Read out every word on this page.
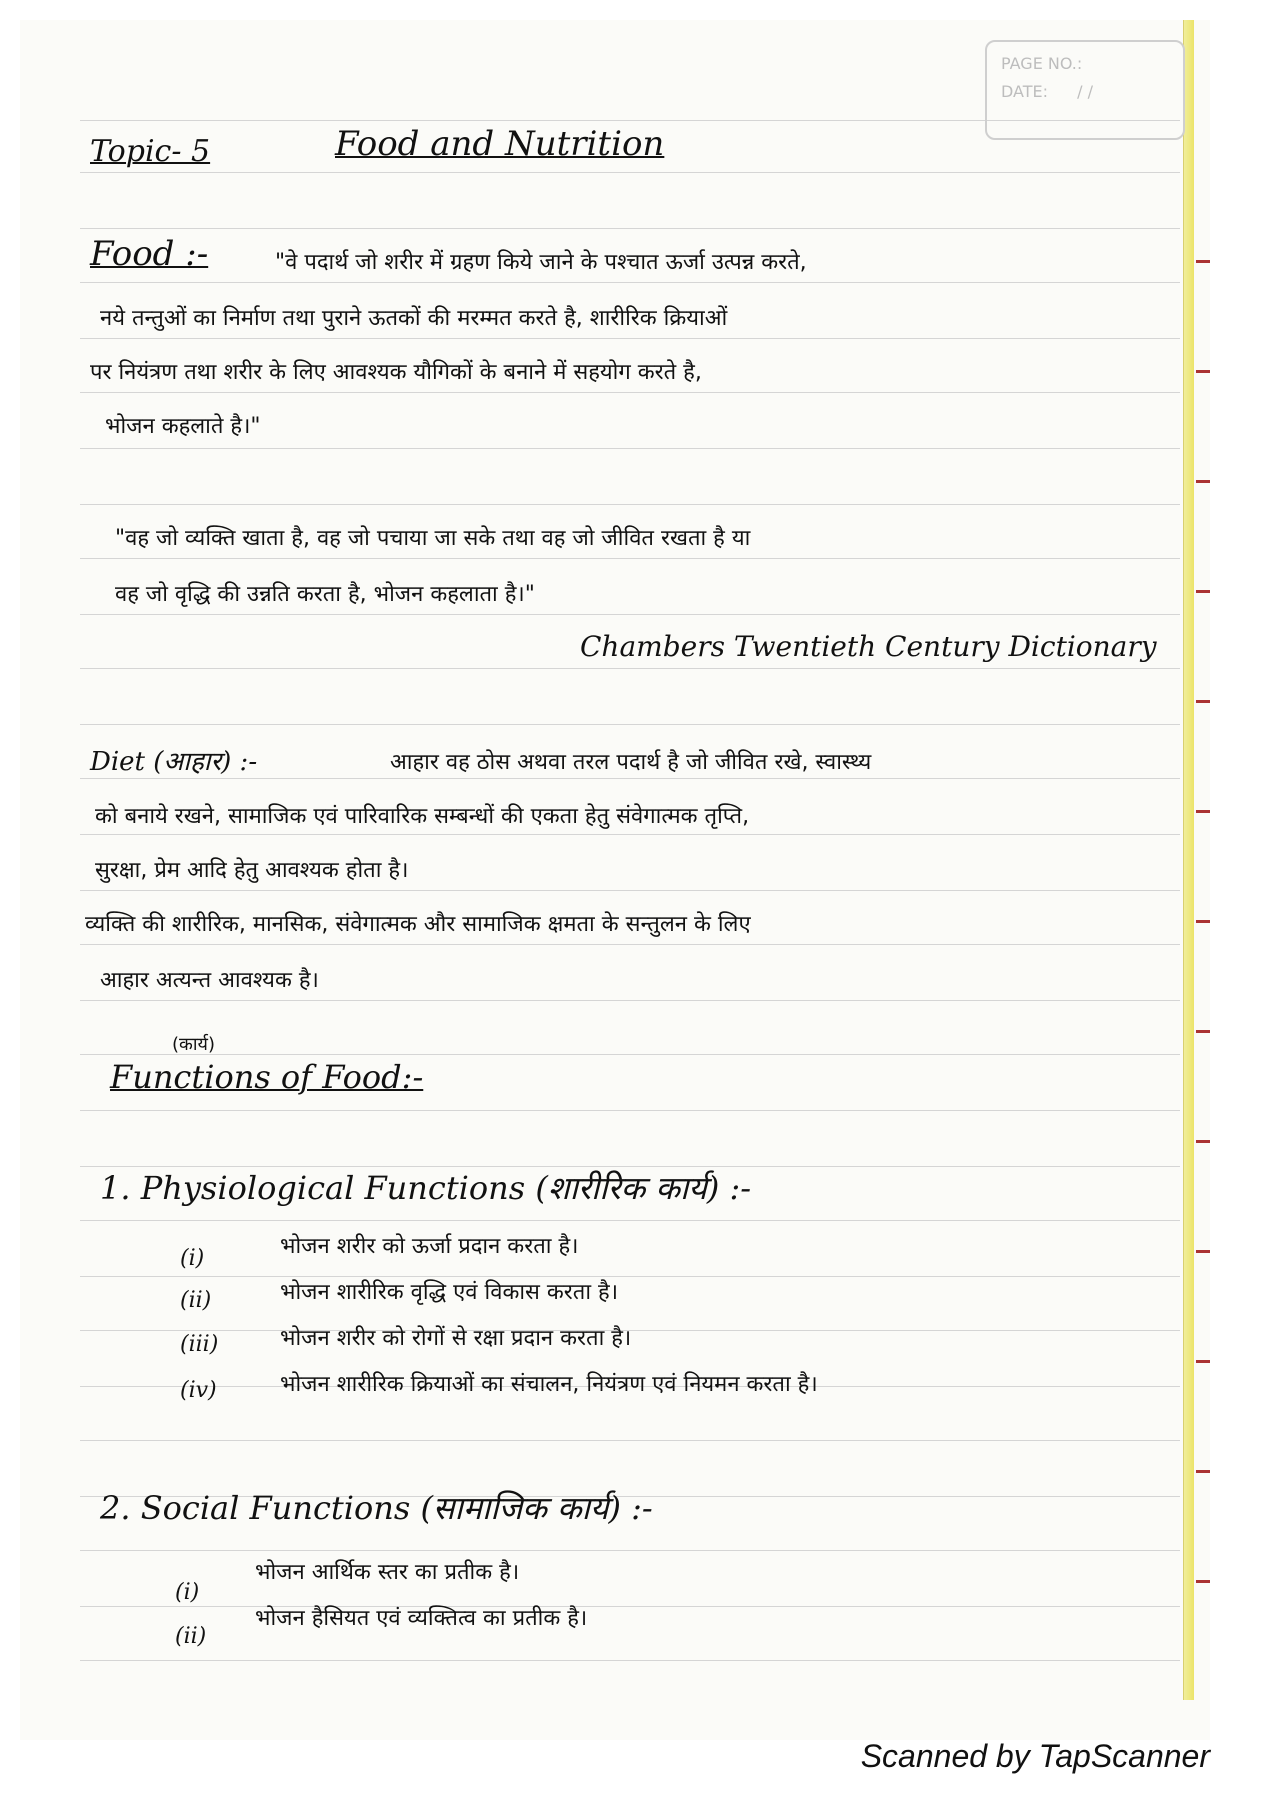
PAGE NO.:
DATE: / /
Topic- 5	Food and Nutrition
Food :-	"वे पदार्थ जो शरीर में ग्रहण किये जाने के पश्चात ऊर्जा उत्पन्न करते,
नये तन्तुओं का निर्माण तथा पुराने ऊतकों की मरम्मत करते है, शारीरिक क्रियाओं
पर नियंत्रण तथा शरीर के लिए आवश्यक यौगिकों के बनाने में सहयोग करते है,
भोजन कहलाते है।"
"वह जो व्यक्ति खाता है, वह जो पचाया जा सके तथा वह जो जीवित रखता है या
वह जो वृद्धि की उन्नति करता है, भोजन कहलाता है।"
Chambers Twentieth Century Dictionary
Diet (आहार) :-	आहार वह ठोस अथवा तरल पदार्थ है जो जीवित रखे, स्वास्थ्य
को बनाये रखने, सामाजिक एवं पारिवारिक सम्बन्धों की एकता हेतु संवेगात्मक तृप्ति,
सुरक्षा, प्रेम आदि हेतु आवश्यक होता है।
व्यक्ति की शारीरिक, मानसिक, संवेगात्मक और सामाजिक क्षमता के सन्तुलन के लिए
आहार अत्यन्त आवश्यक है।
(कार्य)
Functions of Food:-
1. Physiological Functions (शारीरिक कार्य) :-
(i)	भोजन शरीर को ऊर्जा प्रदान करता है।
(ii)	भोजन शारीरिक वृद्धि एवं विकास करता है।
(iii)	भोजन शरीर को रोगों से रक्षा प्रदान करता है।
(iv)	भोजन शारीरिक क्रियाओं का संचालन, नियंत्रण एवं नियमन करता है।
2. Social Functions (सामाजिक कार्य) :-
(i)
भोजन आर्थिक स्तर का प्रतीक है।
(ii)
भोजन हैसियत एवं व्यक्तित्व का प्रतीक है।
Scanned by TapScanner
